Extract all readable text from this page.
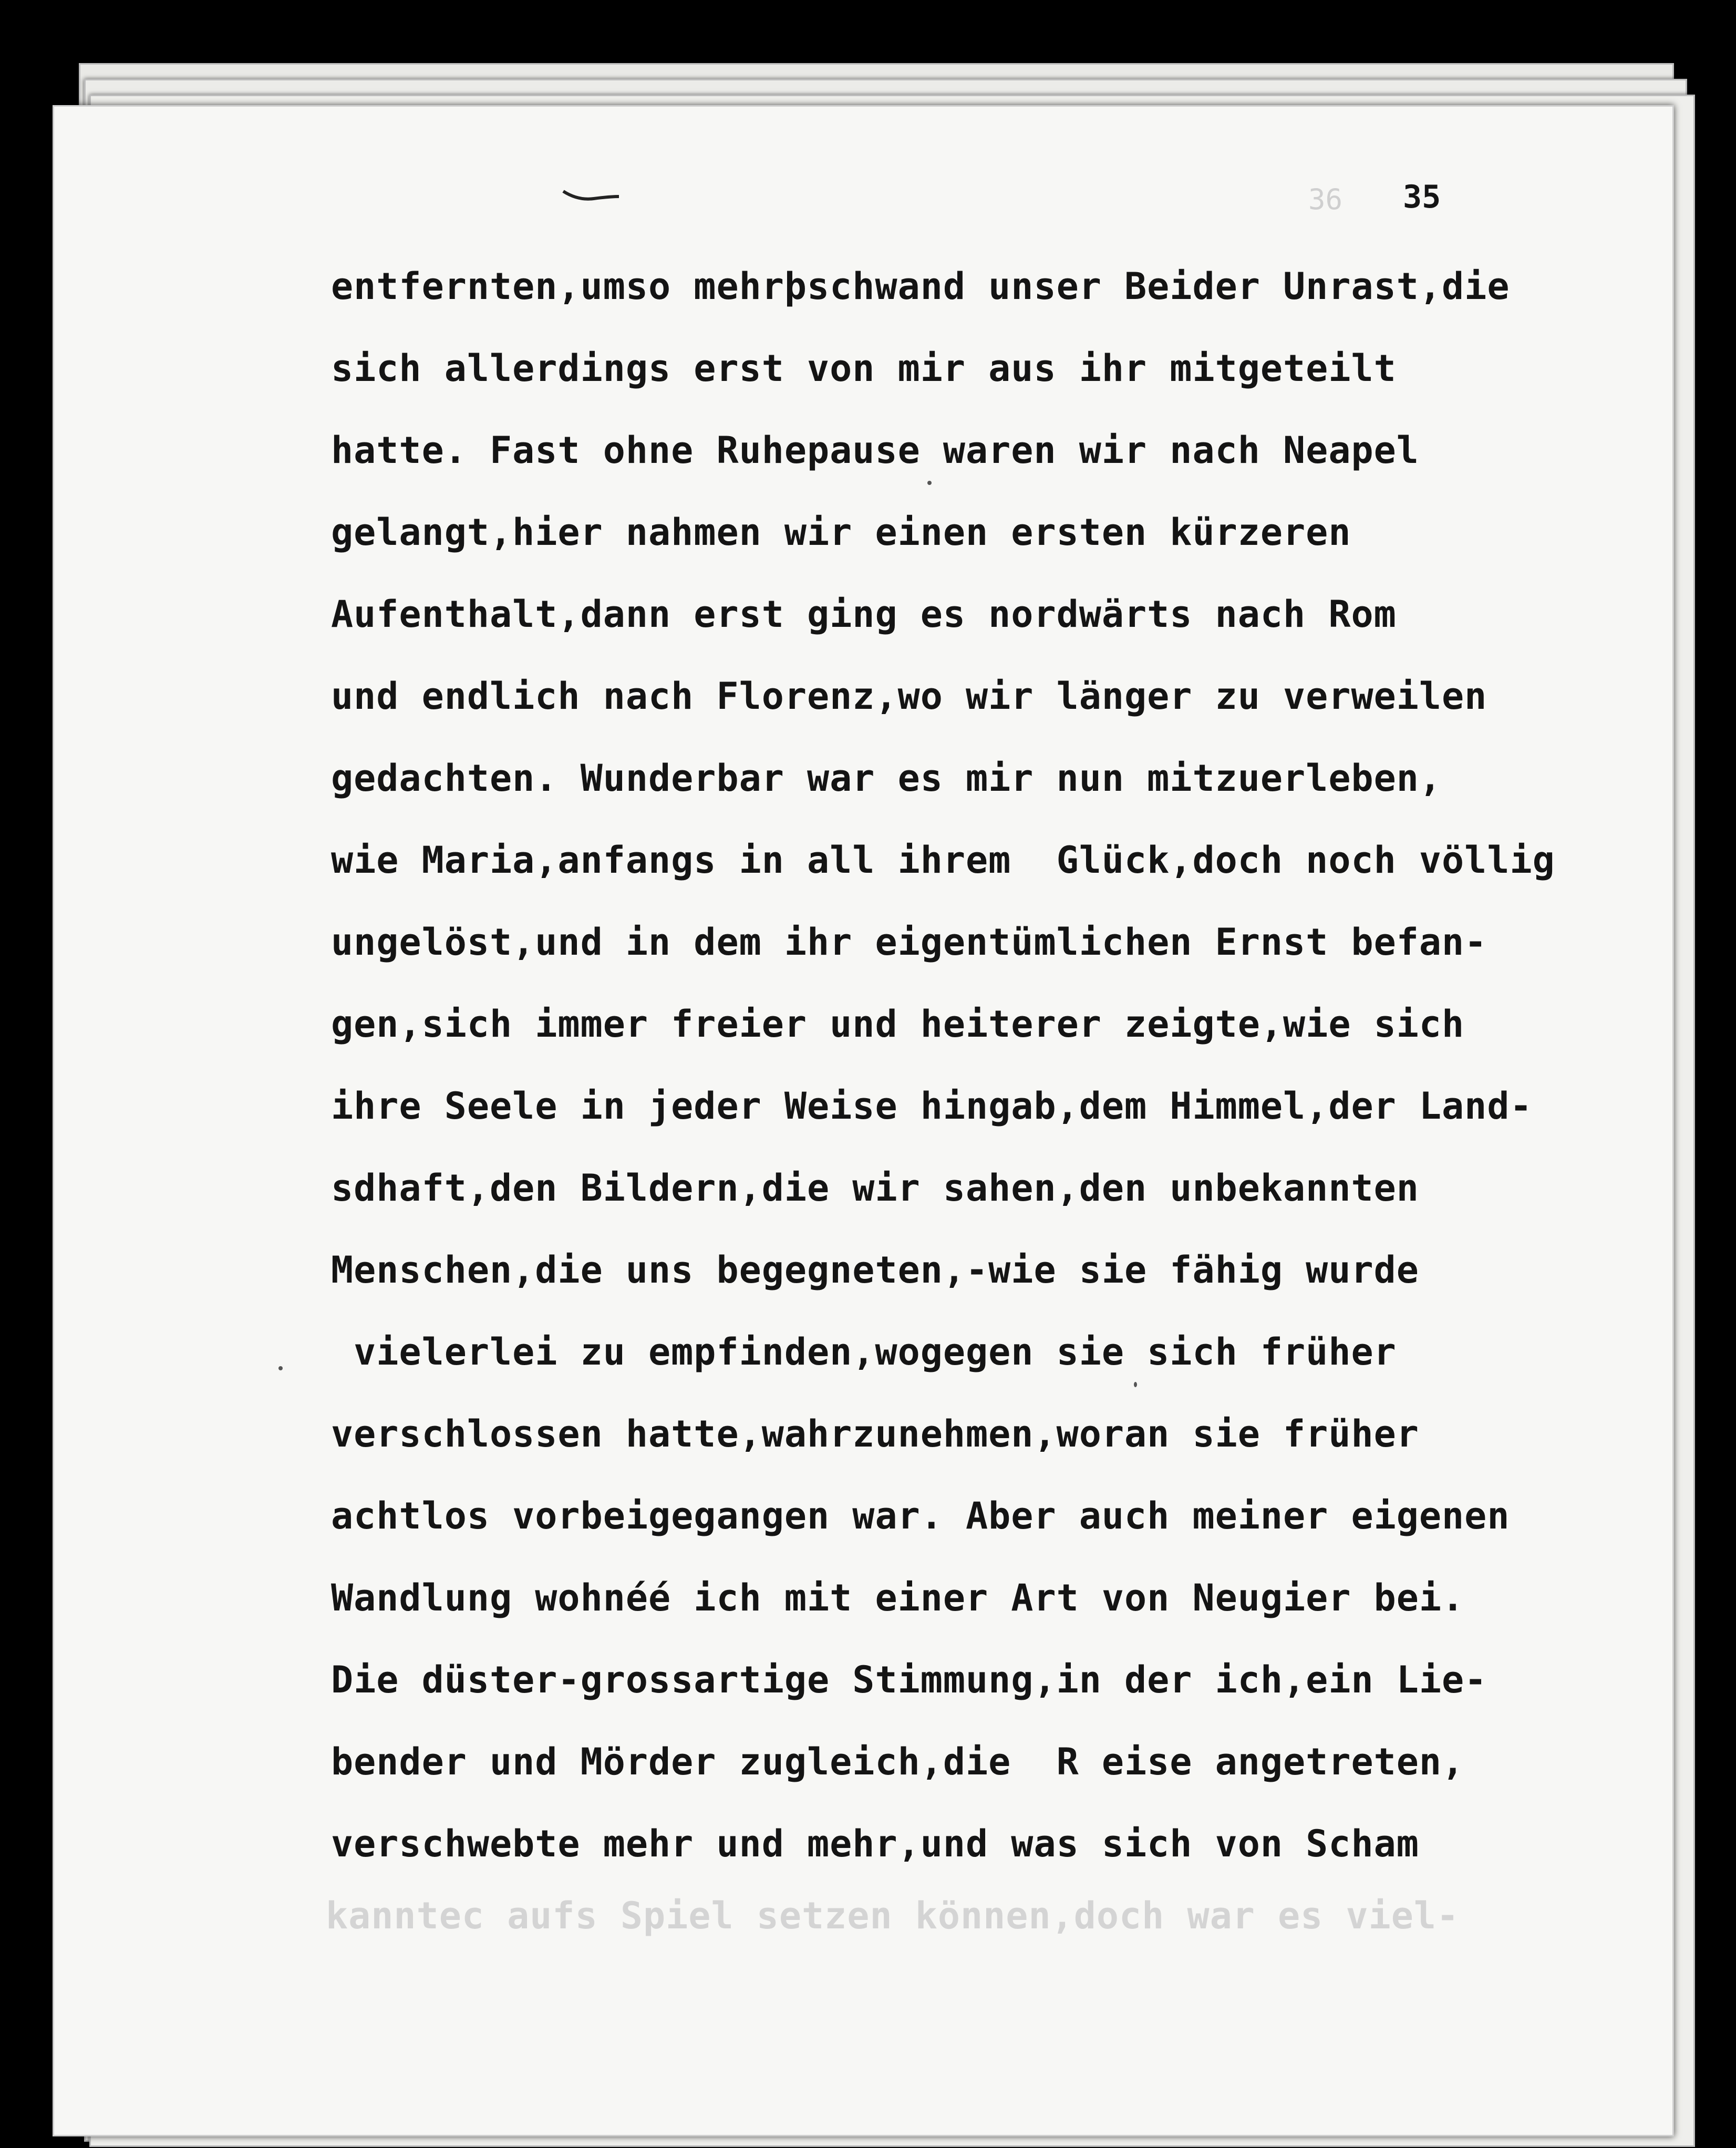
36 35
entfernten,umso mehrþschwand unser Beider Unrast,die
sich allerdings erst von mir aus ihr mitgeteilt
hatte. Fast ohne Ruhepause waren wir nach Neapel
gelangt,hier nahmen wir einen ersten kürzeren
Aufenthalt,dann erst ging es nordwärts nach Rom
und endlich nach Florenz,wo wir länger zu verweilen
gedachten. Wunderbar war es mir nun mitzuerleben,
wie Maria,anfangs in all ihrem  Glück,doch noch völlig
ungelöst,und in dem ihr eigentümlichen Ernst befan-
gen,sich immer freier und heiterer zeigte,wie sich
ihre Seele in jeder Weise hingab,dem Himmel,der Land-
sdhaft,den Bildern,die wir sahen,den unbekannten
Menschen,die uns begegneten,-wie sie fähig wurde
vielerlei zu empfinden,wogegen sie sich früher
verschlossen hatte,wahrzunehmen,woran sie früher
achtlos vorbeigegangen war. Aber auch meiner eigenen
Wandlung wohnéé ich mit einer Art von Neugier bei.
Die düster-grossartige Stimmung,in der ich,ein Lie-
bender und Mörder zugleich,die  R eise angetreten,
verschwebte mehr und mehr,und was sich von Scham
kanntec aufs Spiel setzen können,doch war es viel-
